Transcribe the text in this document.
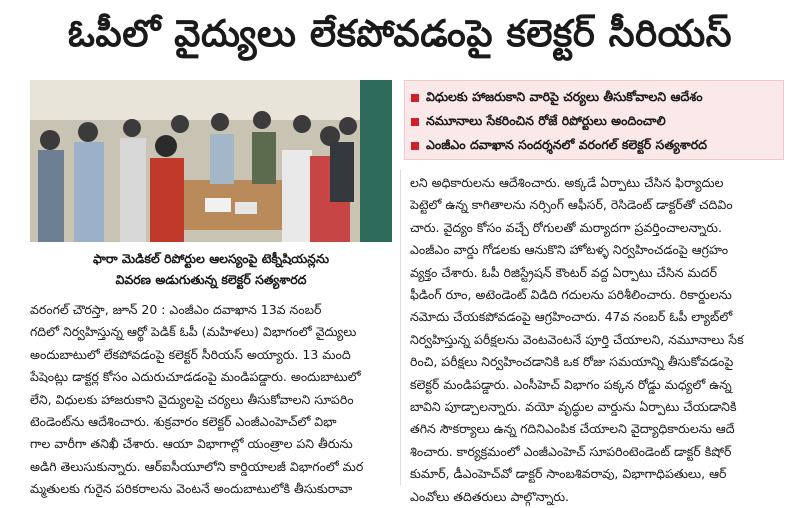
ఓపీలో వైద్యులు లేకపోవడంపై కలెక్టర్ సీరియస్
ఫారా మెడికల్ రిపోర్టుల ఆలస్యంపై టెక్నీషియన్లను
వివరణ అడుగుతున్న కలెక్టర్ సత్యశారద

వరంగల్ చౌరస్తా, జూన్ 20 : ఎంజీఎం దవాఖాన 13వ నంబర్

గదిలో నిర్వహిస్తున్న ఆర్థో పెడిక్ ఓపీ (మహిళలు) విభాగంలో వైద్యులు

అందుబాటులో లేకపోవడంపై కలెక్టర్ సీరియస్ అయ్యారు. 13 మంది

పేషెంట్లు డాక్టర్ల కోసం ఎదురుచూడడంపై మండిపడ్డారు. అందుబాటులో

లేని, విధులకు హాజరుకాని వైద్యులపై చర్యలు తీసుకోవాలని సూపరిం

టెండెంట్‌ను ఆదేశించారు. శుక్రవారం కలెక్టర్ ఎంజీఎంహెచ్‌లో విభా

గాల వారీగా తనిఖీ చేశారు. ఆయా విభాగాల్లో యంత్రాల పని తీరును

అడిగి తెలుసుకున్నారు. ఆర్‌ఐసీయూలోని కార్డియాలజీ విభాగంలో మర

మ్మతులకు గురైన పరికరాలను వెంటనే అందుబాటులోకి తీసుకురావా

విధులకు హాజరుకాని వారిపై చర్యలు తీసుకోవాలని ఆదేశం
నమూనాలు సేకరించిన రోజే రిపోర్టులు అందించాలి
ఎంజీఎం దవాఖాన సందర్శనలో వరంగల్ కలెక్టర్ సత్యశారద

లని అధికారులను ఆదేశించారు. అక్కడే ఏర్పాటు చేసిన ఫిర్యాదుల

పెట్టెలో ఉన్న కాగితాలను నర్సింగ్ ఆఫీసర్, రెసిడెంట్ డాక్టర్‌తో చదివిం

చారు. వైద్యం కోసం వచ్చే రోగులతో మర్యాదగా ప్రవర్తించాలన్నారు.

ఎంజీఎం వార్డు గోడలకు ఆనుకొని హోటళ్ళ నిర్వహించడంపై ఆగ్రహం

వ్యక్తం చేశారు. ఓపీ రిజిస్ట్రేషన్ కౌంటర్ వద్ద ఏర్పాటు చేసిన మదర్

ఫీడింగ్ రూం, అటెండెంట్ విడిది గదులను పరిశీలించారు. రికార్డులను

నమోదు చేయకపోవడంపై ఆగ్రహించారు. 47వ నంబర్ ఓపీ ల్యాబ్‌లో

నిర్వహిస్తున్న పరీక్షలను వెంటవెంటనే పూర్తి చేయాలని, నమూనాలు సేక

రించి, పరీక్షలు నిర్వహించడానికి ఒక రోజు సమయాన్ని తీసుకోవడంపై

కలెక్టర్ మండిపడ్డారు. ఎంసీహెచ్ విభాగం పక్కన రోడ్డు మధ్యలో ఉన్న

బావిని పూడ్చాలన్నారు. వయో వృద్ధుల వార్డును ఏర్పాటు చేయడానికి

తగిన సౌకర్యాలు ఉన్న గదినిఎంపిక చేయాలని వైద్యాధికారులను ఆదే

శించారు. కార్యక్రమంలో ఎంజీఎంహెచ్ సూపరింటెండెంట్ డాక్టర్ కిషోర్

కుమార్, డీఎంహెచ్‌వో డాక్టర్ సాంబశివరావు, విభాగాధిపతులు, ఆర్

ఎంవోలు తదితరులు పాల్గొన్నారు.
